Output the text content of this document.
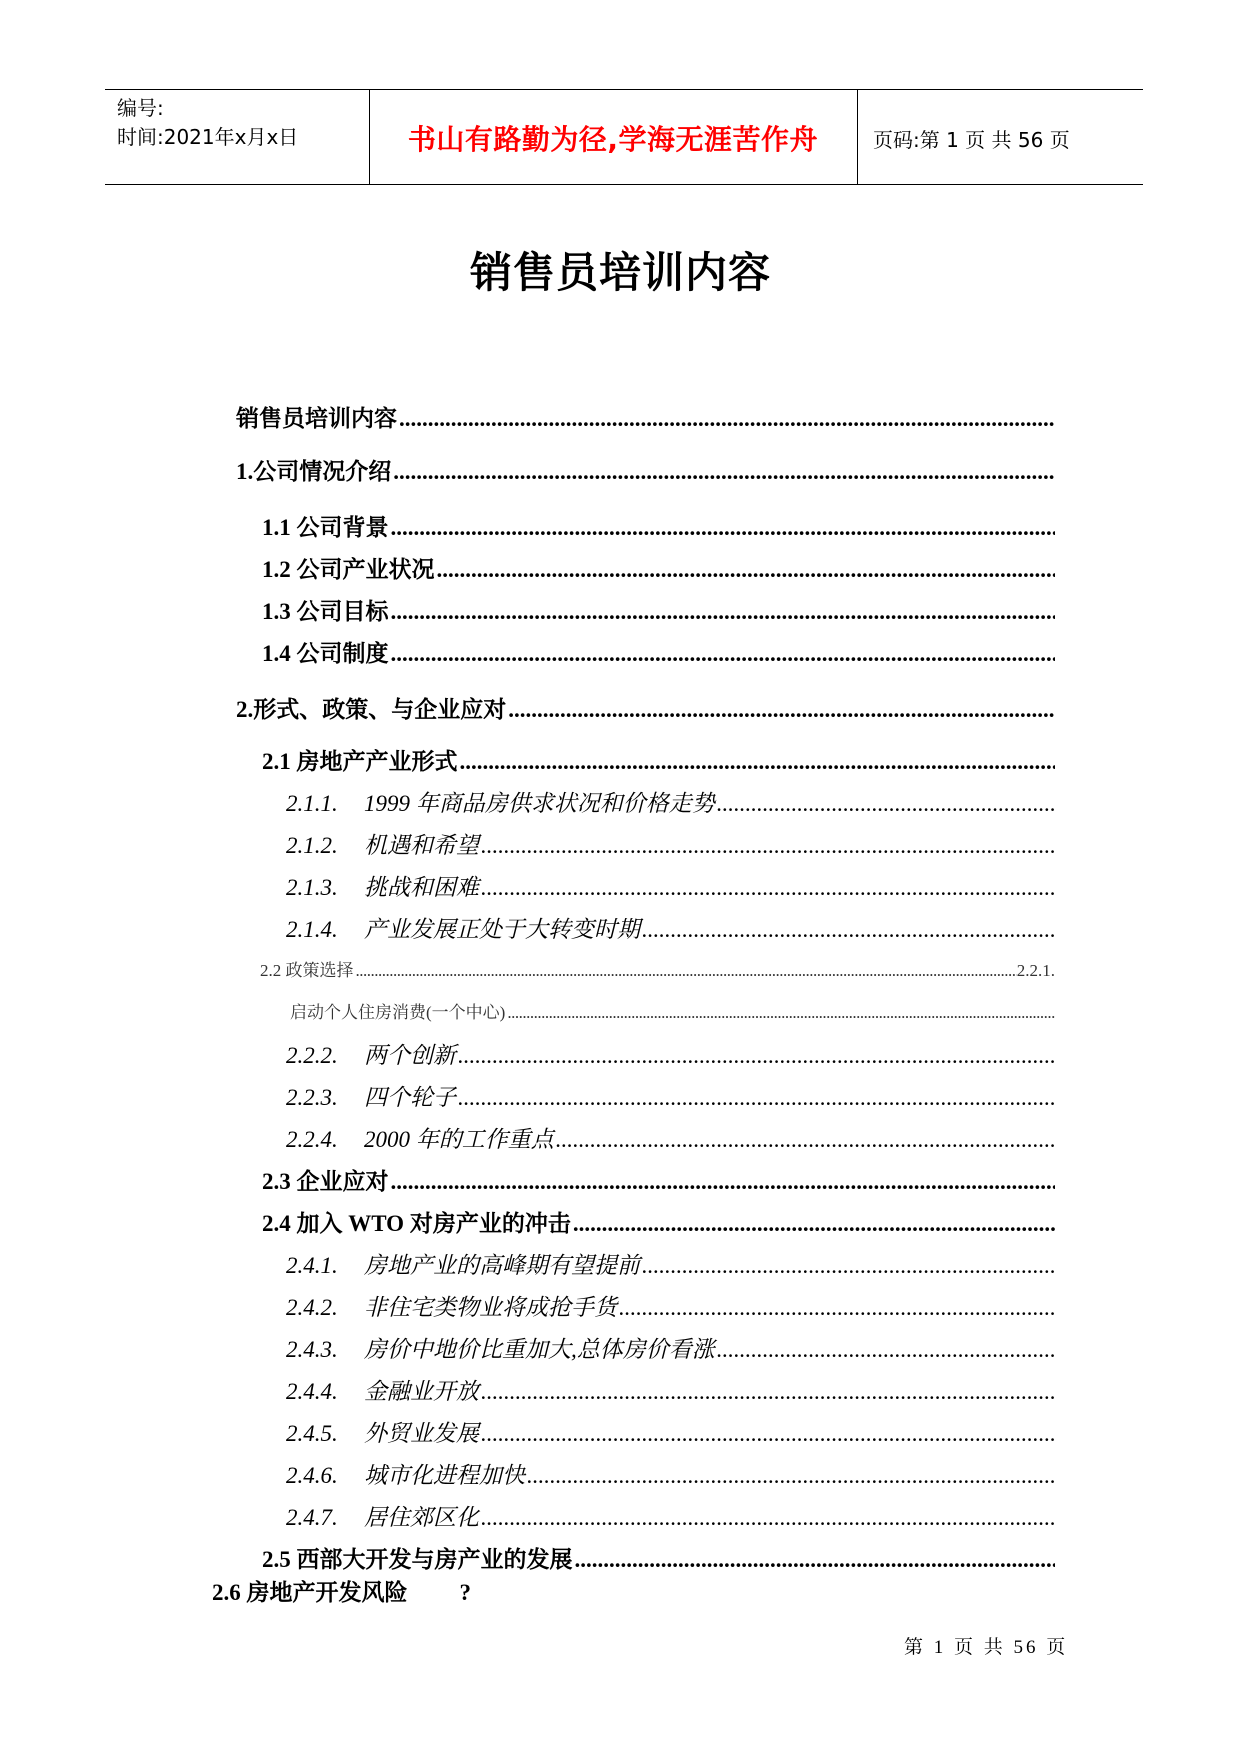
编号:
时间:2021年x月x日	书山有路勤为径,学海无涯苦作舟	页码:第 1 页 共 56 页
销售员培训内容
销售员培训内容
.....
1.公司情况介绍
.....
1.1 公司背景
.....
1.2 公司产业状况
.....
1.3 公司目标
.....
1.4 公司制度
.....
2.形式、政策、与企业应对
.....
2.1 房地产产业形式
.....
2.1.1. 1999 年商品房供求状况和价格走势
.....
2.1.2. 机遇和希望
.....
2.1.3. 挑战和困难
.....
2.1.4. 产业发展正处于大转变时期
.....
2.2 政策选择
.....	2.2.1.
启动个人住房消费(一个中心)
.....
2.2.2. 两个创新
.....
2.2.3. 四个轮子
.....
2.2.4. 2000 年的工作重点
.....
2.3 企业应对
.....
2.4 加入 WTO 对房产业的冲击
.....
2.4.1. 房地产业的高峰期有望提前
.....
2.4.2. 非住宅类物业将成抢手货
.....
2.4.3. 房价中地价比重加大,总体房价看涨
.....
2.4.4. 金融业开放
.....
2.4.5. 外贸业发展
.....
2.4.6. 城市化进程加快
.....
2.4.7. 居住郊区化
.....
2.5 西部大开发与房产业的发展
.....
2.6 房地产开发风险 ?
第 1 页 共 56 页
